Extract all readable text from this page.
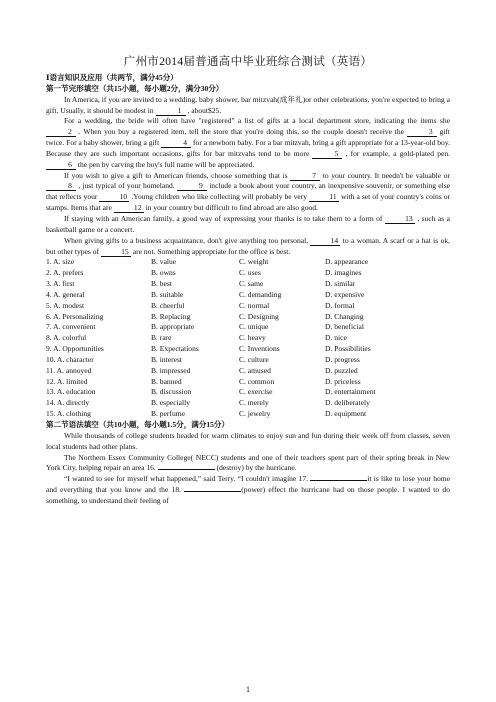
广州市2014届普通高中毕业班综合测试（英语）
Ⅰ语言知识及应用（共两节，满分45分）
第一节完形填空（共15小题，每小题2分，满分30分）

In America, if you are invited to a wedding, baby shower, bar mitzvah(成年礼)or other celebrations, you're expected to bring a gift. Usually, it should be modest in	1 , about$25.

For a wedding, the bride will often have "registered" a list of gifts at a local department store, indicating the items she 2 . When you buy a registered item, tell the store that you're doing this, so the couple doesn't receive the	3 gift twice. For a baby shower, bring a gift	4 for a newborn baby. For a bar mitzvah, bring a gift appropriate for a 13-year-old boy. Because they are such important occasions, gifts for bar mitzvahs tend to be more	5 , for example, a gold-plated pen. 6 the pen by carving the boy's full name will be appreciated.

If you wish to give a gift to American friends, choose something that is	7 to your country. It needn't be valuable or 8 , just typical of your homeland.	9 include a book about your country, an inexpensive souvenir, or something else that reflects your	10 .Young children who like collecting will probably be very	11 with a set of your country's coins or stamps. Items that are	12 in your country but difficult to find abroad are also good.

If staying with an American family, a good way of expressing your thanks is to take them to a form of	13 , such as a basketball game or a concert.

When giving gifts to a business acquaintance, don't give anything too personal,	14 to a woman. A scarf or a hat is ok, but other types of	15 are not. Something appropriate for the office is best.

1. A. size	B. value	C. weight	D. appearance
2. A. prefers	B. owns	C. uses	D. imagines
3. A. first	B. best	C. same	D. similar
4. A. general	B. suitable	C. demanding	D. expensive
5. A. modest	B. cheerful	C. normal	D. formal
6. A. Personalizing	B. Replacing	C. Designing	D. Changing
7. A. convenient	B. appropriate	C. unique	D. beneficial
8. A. colorful	B. rare	C. heavy	D. nice
9. A. Opportunities	B. Expectations	C. Inventions	D. Possibilities
10. A. character	B. interest	C. culture	D. progress
11. A. annoyed	B. impressed	C. amused	D. puzzled
12. A. limited	B. banned	C. common	D. priceless
13. A. education	B. discussion	C. exercise	D. entertainment
14. A. directly	B. especially	C. merely	D. deliberately
15. A. clothing	B. perfume	C. jewelry	D. equipment
第二节语法填空（共10小题，每小题1.5分，满分15分）

While thousands of college students headed for warm climates to enjoy sun and fun during their week off from classes, seven local students had other plans.

The Northern Essex Community College( NECC) students and one of their teachers spent part of their spring break in New York City, helping repair an area 16.	(destroy) by the hurricane.

“I wanted to see for myself what happened,” said Terry. “I couldn't imagine 17.	it is like to lose your home and everything that you know and the 18.	(power) effect the hurricane had on those people. I wanted to do something, to understand their feeling of

1
